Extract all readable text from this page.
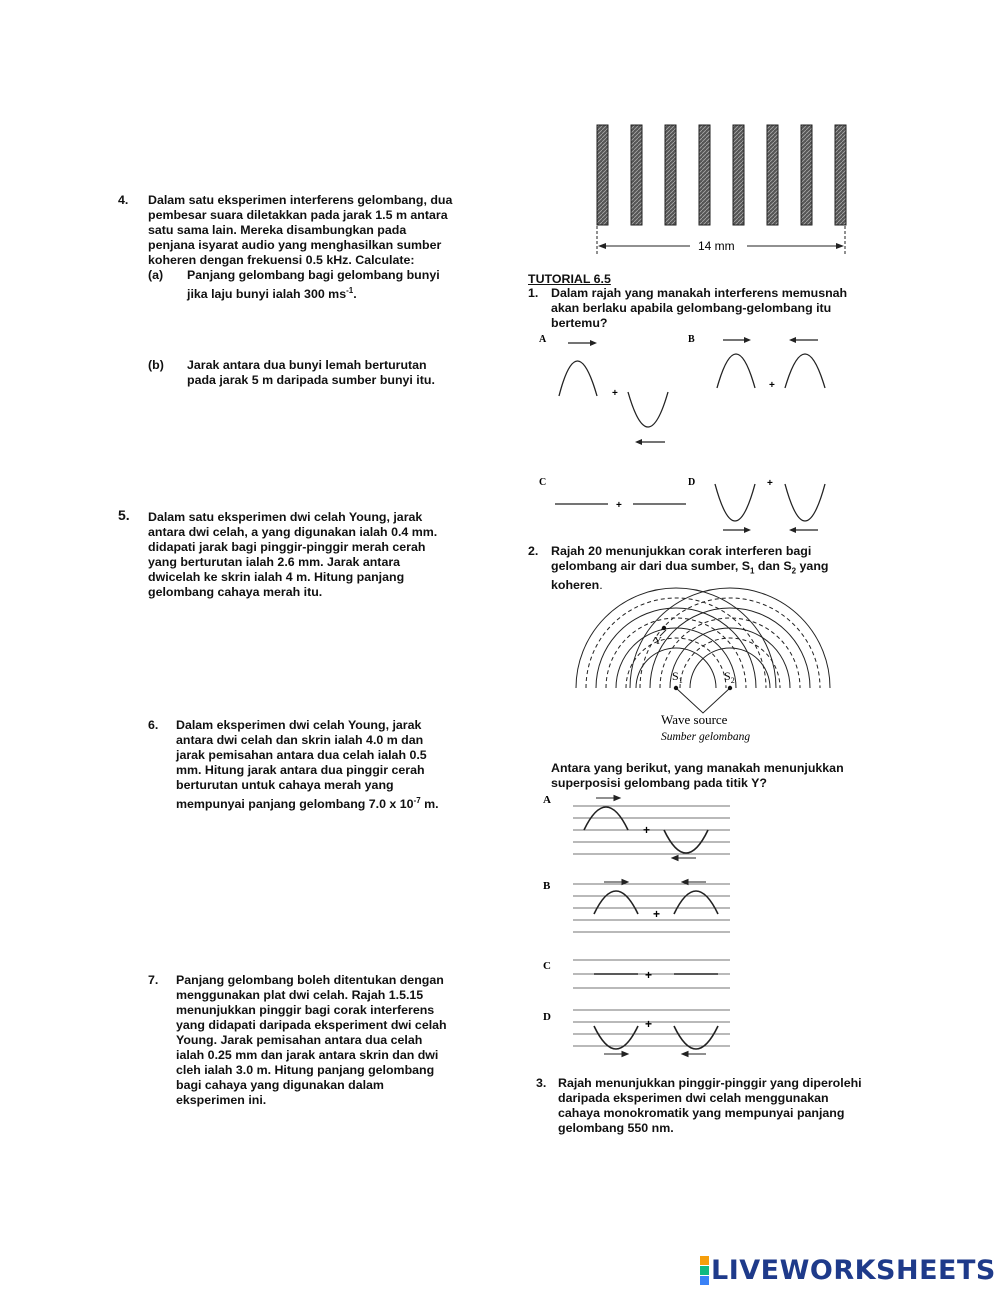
4. Dalam satu eksperimen interferens gelombang, dua
pembesar suara diletakkan pada jarak 1.5 m antara
satu sama lain. Mereka disambungkan pada
penjana isyarat audio yang menghasilkan sumber
koheren dengan frekuensi 0.5 kHz. Calculate:
(a) Panjang gelombang bagi gelombang bunyi
jika laju bunyi ialah 300 $ms^{-1}$.
(b) Jarak antara dua bunyi lemah berturutan
pada jarak 5 m daripada sumber bunyi itu.
5. Dalam satu eksperimen dwi celah Young, jarak
antara dwi celah, a yang digunakan ialah 0.4 mm.
didapati jarak bagi pinggir-pinggir merah cerah
yang berturutan ialah 2.6 mm. Jarak antara
dwicelah ke skrin ialah 4 m. Hitung panjang
gelombang cahaya merah itu.
6. Dalam eksperimen dwi celah Young, jarak
antara dwi celah dan skrin ialah 4.0 m dan
jarak pemisahan antara dua celah ialah 0.5
mm. Hitung jarak antara dua pinggir cerah
berturutan untuk cahaya merah yang
mempunyai panjang gelombang 7.0 x $10^{-7}$ m.
7. Panjang gelombang boleh ditentukan dengan
menggunakan plat dwi celah. Rajah 1.5.15
menunjukkan pinggir bagi corak interferens
yang didapati daripada eksperiment dwi celah
Young. Jarak pemisahan antara dua celah
ialah 0.25 mm dan jarak antara skrin dan dwi
cleh ialah 3.0 m. Hitung panjang gelombang
bagi cahaya yang digunakan dalam
eksperimen ini.
14 mm
TUTORIAL 6.5
1. Dalam rajah yang manakah interferens memusnah
akan berlaku apabila gelombang-gelombang itu
bertemu?
A	B
C	D
+
+
+
+
2. Rajah 20 menunjukkan corak interferen bagi
gelombang air dari dua sumber, $S_1$ dan $S_2$ yang
koheren.
Y
$S_1$	$S_2$
Wave source
Sumber gelombang
Antara yang berikut, yang manakah menunjukkan
superposisi gelombang pada titik Y?
A
B
C
D
+
+
+
+
3. Rajah menunjukkan pinggir-pinggir yang diperolehi
daripada eksperimen dwi celah menggunakan
cahaya monokromatik yang mempunyai panjang
gelombang 550 nm.
LIVEWORKSHEETS
